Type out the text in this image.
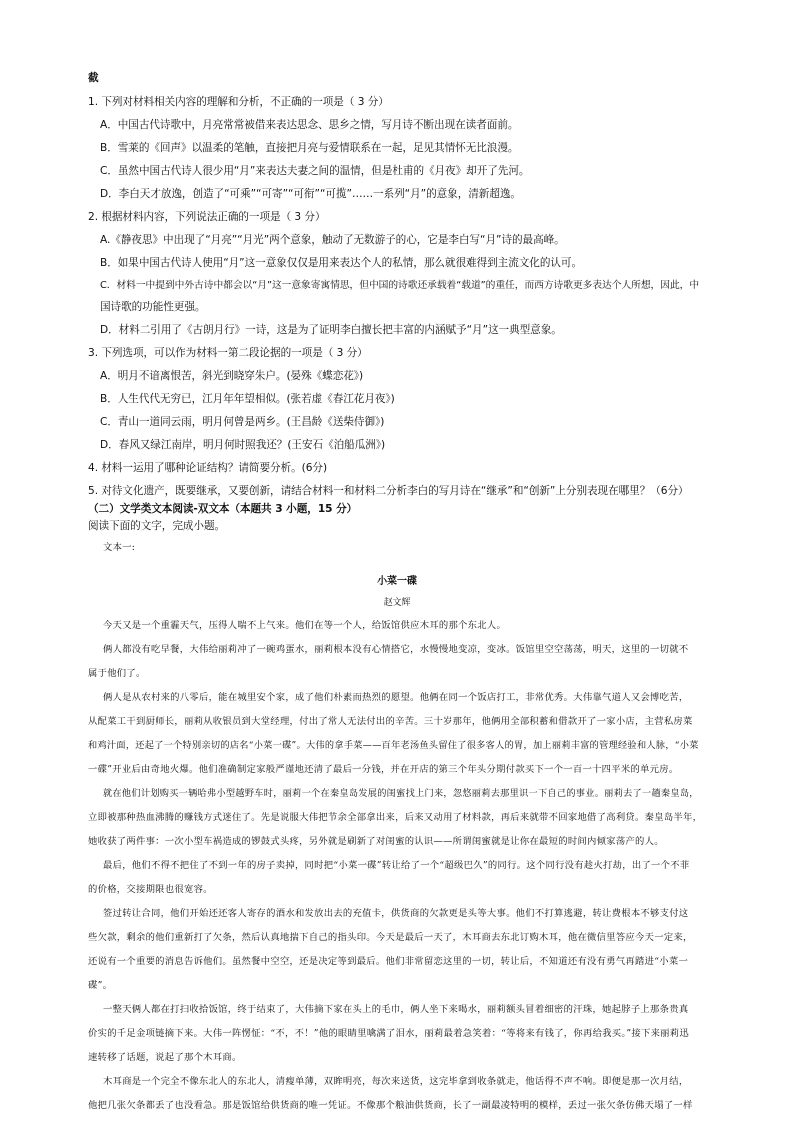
截
1. 下列对材料相关内容的理解和分析，不正确的一项是（ 3 分）
A．中国古代诗歌中，月亮常常被借来表达思念、思乡之情，写月诗不断出现在读者面前。
B．雪莱的《回声》以温柔的笔触，直接把月亮与爱情联系在一起，足见其情怀无比浪漫。
C．虽然中国古代诗人很少用“月”来表达夫妻之间的温情，但是杜甫的《月夜》却开了先河。
D．李白天才放逸，创造了“可乘”“可寄”“可衔”“可揽”……一系列“月”的意象，清新超逸。
2. 根据材料内容，下列说法正确的一项是（ 3 分）
A.《静夜思》中出现了“月亮”“月光”两个意象，触动了无数游子的心，它是李白写“月”诗的最高峰。
B．如果中国古代诗人使用“月”这一意象仅仅是用来表达个人的私情，那么就很难得到主流文化的认可。
C．材料一中提到中外古诗中都会以“月”这一意象寄寓情思，但中国的诗歌还承载着“载道”的重任，而西方诗歌更多表达个人所想，因此，中
国诗歌的功能性更强。
D．材料二引用了《古朗月行》一诗，这是为了证明李白擅长把丰富的内涵赋予“月”这一典型意象。
3. 下列选项，可以作为材料一第二段论据的一项是（ 3 分）
A．明月不谙离恨苦，斜光到晓穿朱户。(晏殊《蝶恋花》)
B．人生代代无穷已，江月年年望相似。(张若虚《春江花月夜》)
C．青山一道同云雨，明月何曾是两乡。(王昌龄《送柴侍御》)
D．春风又绿江南岸，明月何时照我还？(王安石《泊船瓜洲》)
4. 材料一运用了哪种论证结构？请简要分析。(6分)
5. 对待文化遗产，既要继承，又要创新，请结合材料一和材料二分析李白的写月诗在“继承”和“创新”上分别表现在哪里？（6分）
（二）文学类文本阅读-双文本（本题共 3 小题，15 分）
阅读下面的文字，完成小题。
文本一:
小菜一碟
赵文辉
今天又是一个重霾天气，压得人喘不上气来。他们在等一个人，给饭馆供应木耳的那个东北人。
俩人都没有吃早餐，大伟给丽莉冲了一碗鸡蛋水，丽莉根本没有心情搭它，水慢慢地变凉，变冰。饭馆里空空荡荡，明天，这里的一切就不
属于他们了。
俩人是从农村来的八零后，能在城里安个家，成了他们朴素而热烈的愿望。他俩在同一个饭店打工，非常优秀。大伟靠气道人又会博吃苦，
从配菜工干到厨师长，丽莉从收银员到大堂经理，付出了常人无法付出的辛苦。三十岁那年，他俩用全部积蓄和借款开了一家小店，主营私房菜
和鸡汁面，还起了一个特别亲切的店名“小菜一碟”。大伟的拿手菜——百年老汤鱼头留住了很多客人的胃，加上丽莉丰富的管理经验和人脉，“小菜
一碟”开业后由奇地火爆。他们准确制定家般严谨地还清了最后一分钱，并在开店的第三个年头分期付款买下一个一百一十四平米的单元房。
就在他们计划购买一辆哈弗小型越野车时，丽莉一个在秦皇岛发展的闺蜜找上门来，忽悠丽莉去那里识一下自己的事业。丽莉去了一趟秦皇岛，
立即被那种热血沸腾的赚钱方式迷住了。先是说服大伟把节余全部拿出来，后来又动用了材料款，再后来就带不回家地借了高利贷。秦皇岛半年，
她收获了两件事：一次小型车祸造成的锣鼓式头疼，另外就是刷新了对闺蜜的认识——所谓闺蜜就是让你在最短的时间内倾家荡产的人。
最后，他们不得不把住了不到一年的房子卖掉，同时把“小菜一碟”转让给了一个“超级巴久”的同行。这个同行没有趁火打劫，出了一个不菲
的价格，交接期限也很宽容。
签过转让合同，他们开始还还客人寄存的酒水和发放出去的充值卡，供货商的欠款更是头等大事。他们不打算逃避，转让费根本不够支付这
些欠款，剩余的他们重新打了欠条，然后认真地揣下自己的指头印。今天是最后一天了，木耳商去东北订购木耳，他在微信里答应今天一定来，
还说有一个重要的消息告诉他们。虽然餐中空空，还是决定等到最后。他们非常留恋这里的一切，转让后，不知道还有没有勇气再踏进“小菜一
碟”。
一整天俩人都在打扫收拾饭馆，终于结束了，大伟摘下家在头上的毛巾，俩人坐下来喝水，丽莉额头冒着细密的汗珠，她起脖子上那条贵真
价实的千足金项链摘下来。大伟一阵愣怔：“不，不！”他的眼睛里噙满了泪水，丽莉最着急笑着：“等将来有钱了，你再给我买。”接下来丽莉迅
速转移了话题，说起了那个木耳商。
木耳商是一个完全不像东北人的东北人，清瘦单薄，双眸明亮，每次来送货，这完毕拿到收条就走，他话得不声不响。即便是那一次月结，
他把几张欠条都丢了也没看急。那是饭馆给供货商的唯一凭证。不像那个粮油供货商，长了一副最凌特明的模样，丢过一张欠条仿佛天塌了一样
